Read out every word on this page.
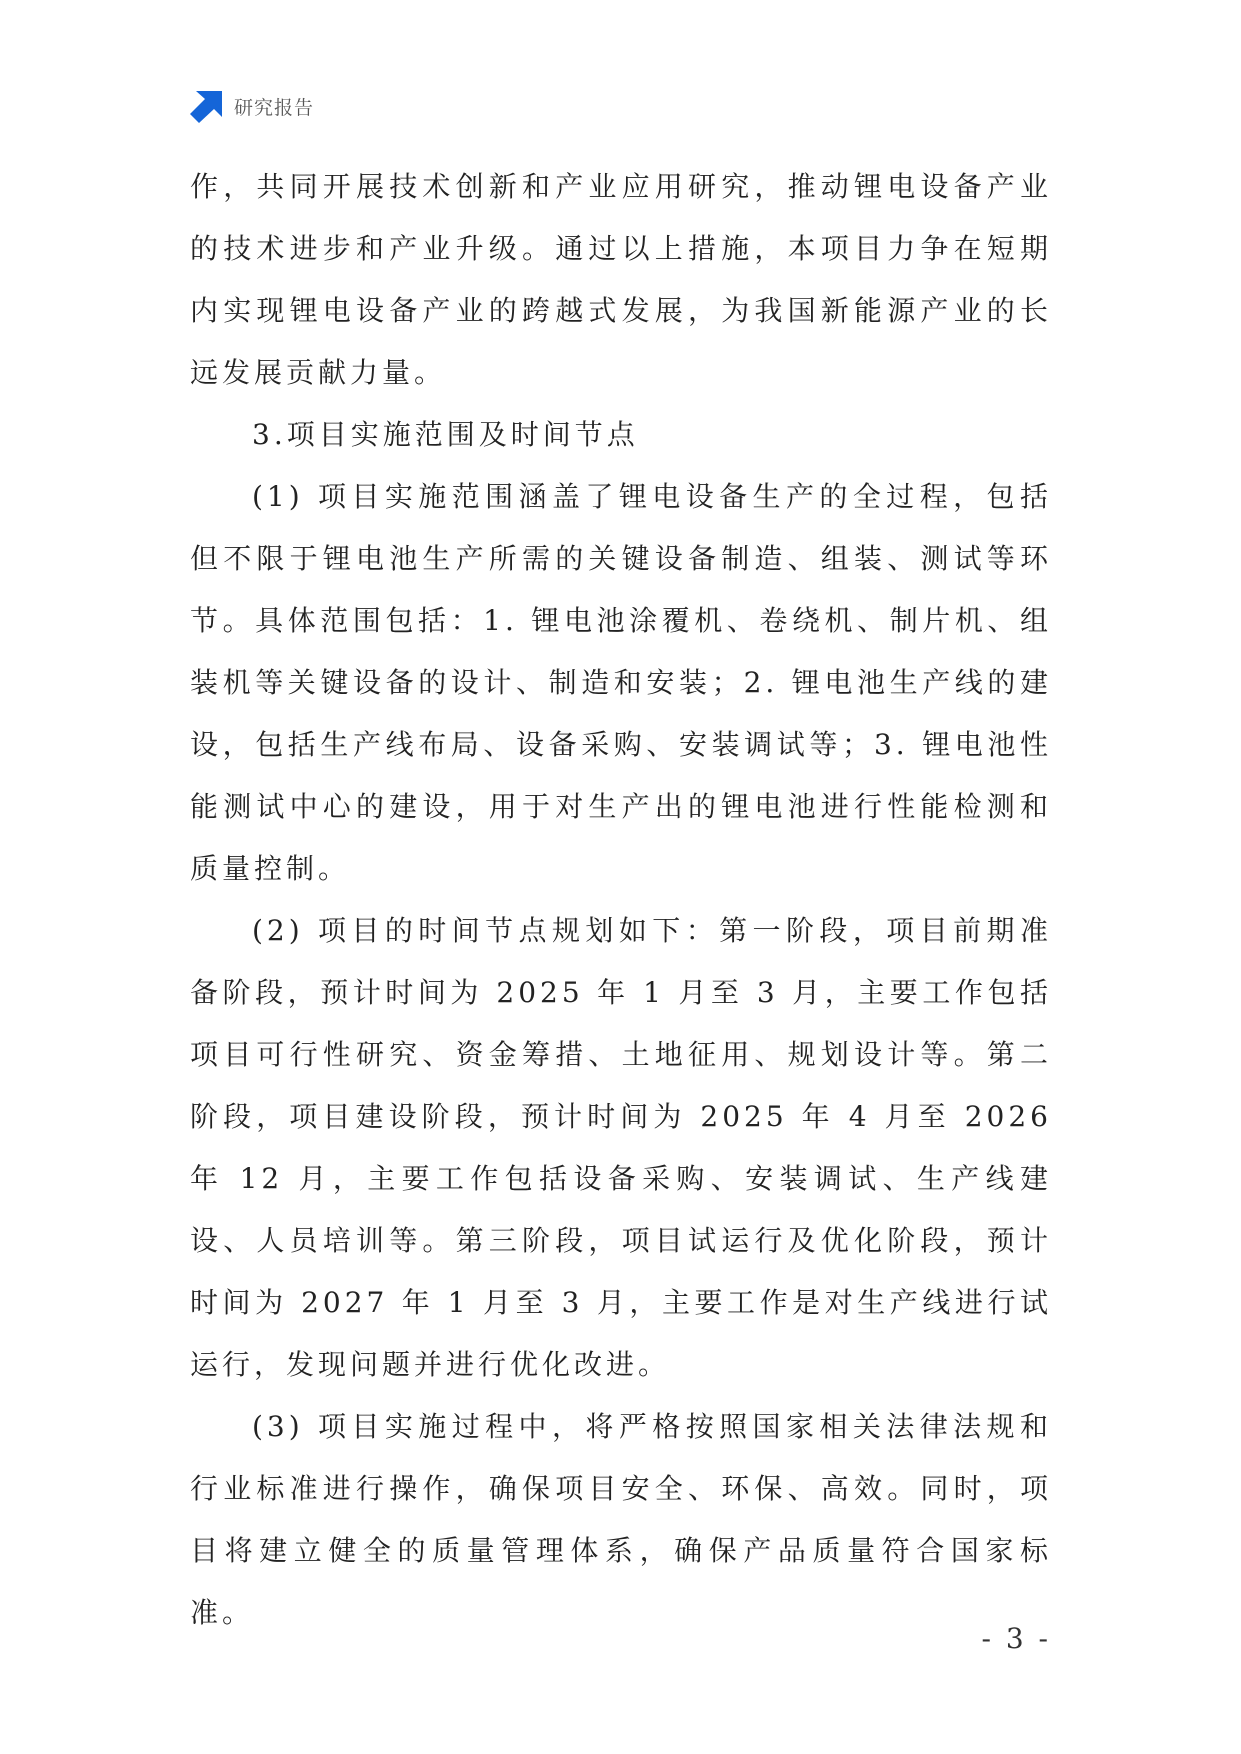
研究报告

作，共同开展技术创新和产业应用研究，推动锂电设备产业的技术进步和产业升级。通过以上措施，本项目力争在短期内实现锂电设备产业的跨越式发展，为我国新能源产业的长远发展贡献力量。

3.项目实施范围及时间节点

(1) 项目实施范围涵盖了锂电设备生产的全过程，包括但不限于锂电池生产所需的关键设备制造、组装、测试等环节。具体范围包括：1. 锂电池涂覆机、卷绕机、制片机、组装机等关键设备的设计、制造和安装；2. 锂电池生产线的建设，包括生产线布局、设备采购、安装调试等；3. 锂电池性能测试中心的建设，用于对生产出的锂电池进行性能检测和质量控制。

(2) 项目的时间节点规划如下：第一阶段，项目前期准备阶段，预计时间为 2025 年 1 月至 3 月，主要工作包括项目可行性研究、资金筹措、土地征用、规划设计等。第二阶段，项目建设阶段，预计时间为 2025 年 4 月至 2026 年 12 月，主要工作包括设备采购、安装调试、生产线建设、人员培训等。第三阶段，项目试运行及优化阶段，预计时间为 2027 年 1 月至 3 月，主要工作是对生产线进行试运行，发现问题并进行优化改进。

(3) 项目实施过程中，将严格按照国家相关法律法规和行业标准进行操作，确保项目安全、环保、高效。同时，项目将建立健全的质量管理体系，确保产品质量符合国家标准。

- 3 -
